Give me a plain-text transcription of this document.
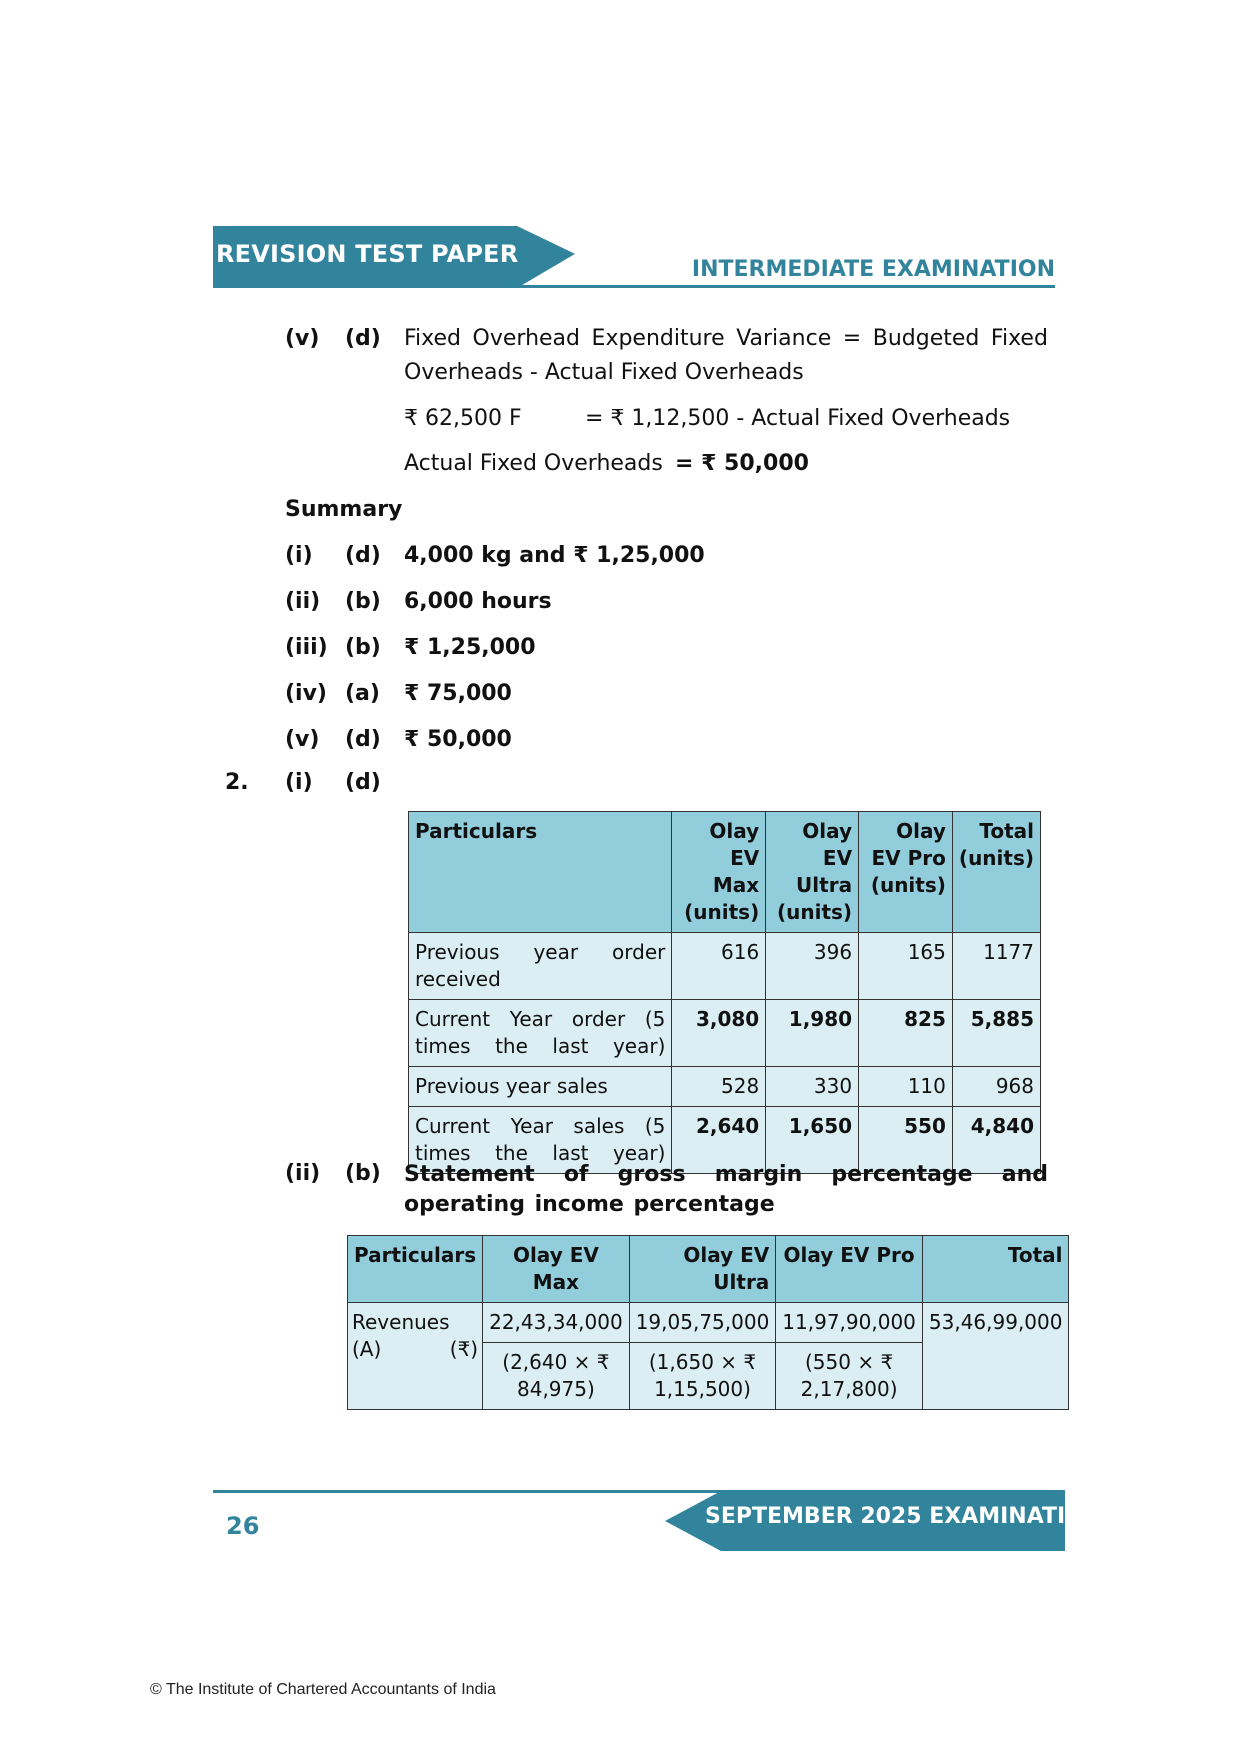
REVISION TEST PAPER
INTERMEDIATE EXAMINATION
(v) (d) Fixed Overhead Expenditure Variance = Budgeted Fixed
Overheads - Actual Fixed Overheads
₹ 62,500 F	= ₹ 1,12,500 - Actual Fixed Overheads
Actual Fixed Overheads = ₹ 50,000
Summary
(i) (d) 4,000 kg and ₹ 1,25,000
(ii) (b) 6,000 hours
(iii) (b) ₹ 1,25,000
(iv) (a) ₹ 75,000
(v) (d) ₹ 50,000
2. (i) (d)
Particulars	Olay EV Max (units)	Olay EV Ultra (units)	Olay EV Pro (units)	Total (units)
Previous year order received	616	396	165	1177
Current Year order (5 times the last year)	3,080	1,980	825	5,885
Previous year sales	528	330	110	968
Current Year sales (5 times the last year)	2,640	1,650	550	4,840
(ii) (b) Statement of gross margin percentage and operating income percentage
Particulars	Olay EV Max	Olay EV Ultra	Olay EV Pro	Total
Revenues (A) (₹)	22,43,34,000	19,05,75,000	11,97,90,000	53,46,99,000
	(2,640 × ₹ 84,975)	(1,650 × ₹ 1,15,500)	(550 × ₹ 2,17,800)	
26	SEPTEMBER 2025 EXAMINATION
© The Institute of Chartered Accountants of India
